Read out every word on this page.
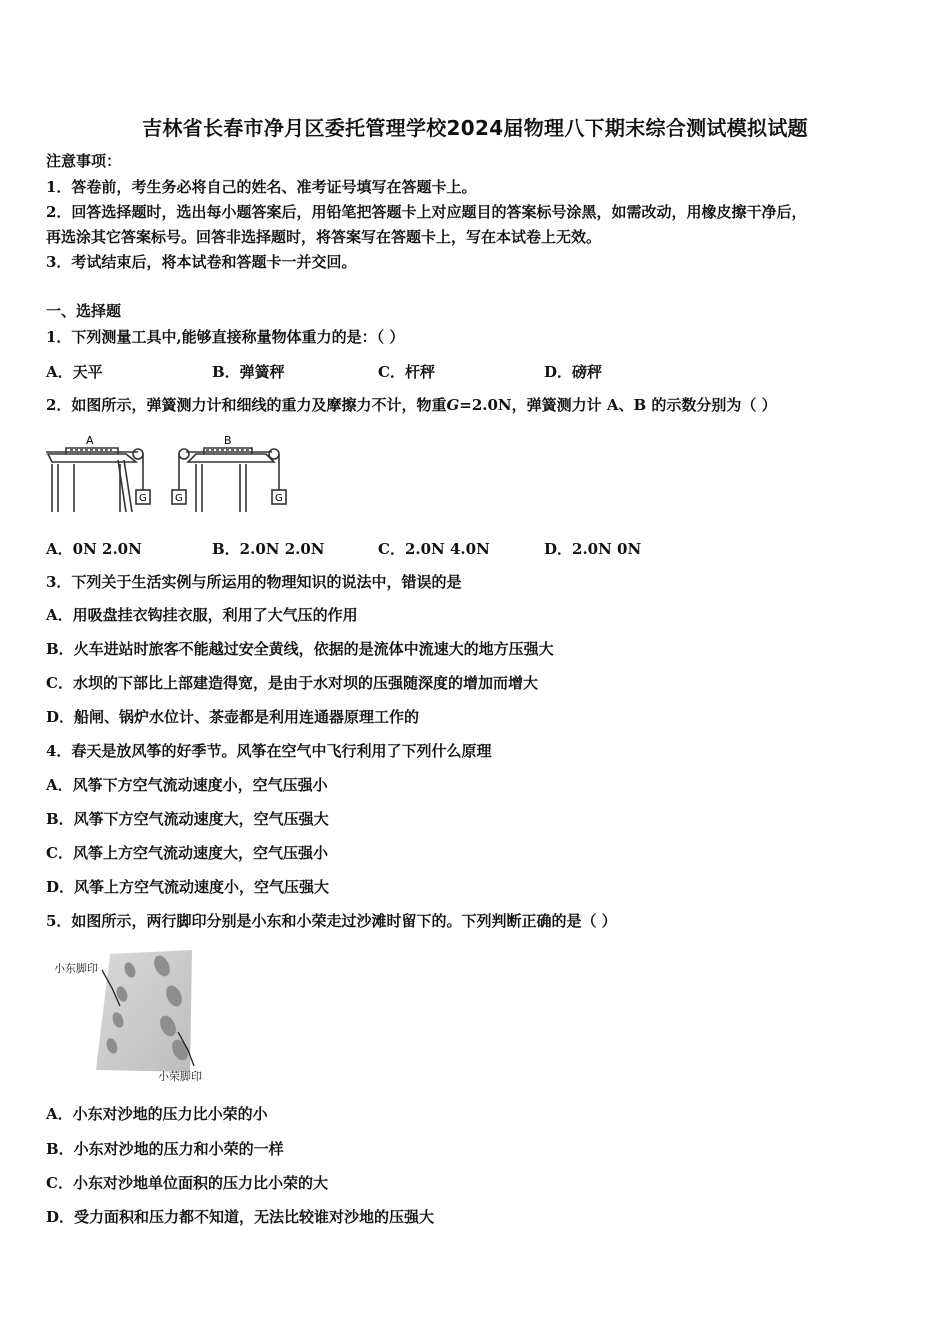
吉林省长春市净月区委托管理学校2024届物理八下期末综合测试模拟试题
注意事项：
1．答卷前，考生务必将自己的姓名、准考证号填写在答题卡上。
2．回答选择题时，选出每小题答案后，用铅笔把答题卡上对应题目的答案标号涂黑，如需改动，用橡皮擦干净后，
再选涂其它答案标号。回答非选择题时，将答案写在答题卡上，写在本试卷上无效。
3．考试结束后，将本试卷和答题卡一并交回。
一、选择题
1．下列测量工具中,能够直接称量物体重力的是：（ ）
A．天平	B．弹簧秤	C．杆秤	D．磅秤
2．如图所示，弹簧测力计和细线的重力及摩擦力不计，物重G=2.0N，弹簧测力计 A、B 的示数分别为（ ）
A	B
G	G	G
A．0N 2.0N	B．2.0N 2.0N	C．2.0N 4.0N	D．2.0N 0N
3．下列关于生活实例与所运用的物理知识的说法中，错误的是
A．用吸盘挂衣钩挂衣服，利用了大气压的作用
B．火车进站时旅客不能越过安全黄线，依据的是流体中流速大的地方压强大
C．水坝的下部比上部建造得宽，是由于水对坝的压强随深度的增加而增大
D．船闸、锅炉水位计、茶壶都是利用连通器原理工作的
4．春天是放风筝的好季节。风筝在空气中飞行利用了下列什么原理
A．风筝下方空气流动速度小，空气压强小
B．风筝下方空气流动速度大，空气压强大
C．风筝上方空气流动速度大，空气压强小
D．风筝上方空气流动速度小，空气压强大
5．如图所示，两行脚印分别是小东和小荣走过沙滩时留下的。下列判断正确的是（ ）
小东脚印
小荣脚印
A．小东对沙地的压力比小荣的小
B．小东对沙地的压力和小荣的一样
C．小东对沙地单位面积的压力比小荣的大
D．受力面积和压力都不知道，无法比较谁对沙地的压强大
